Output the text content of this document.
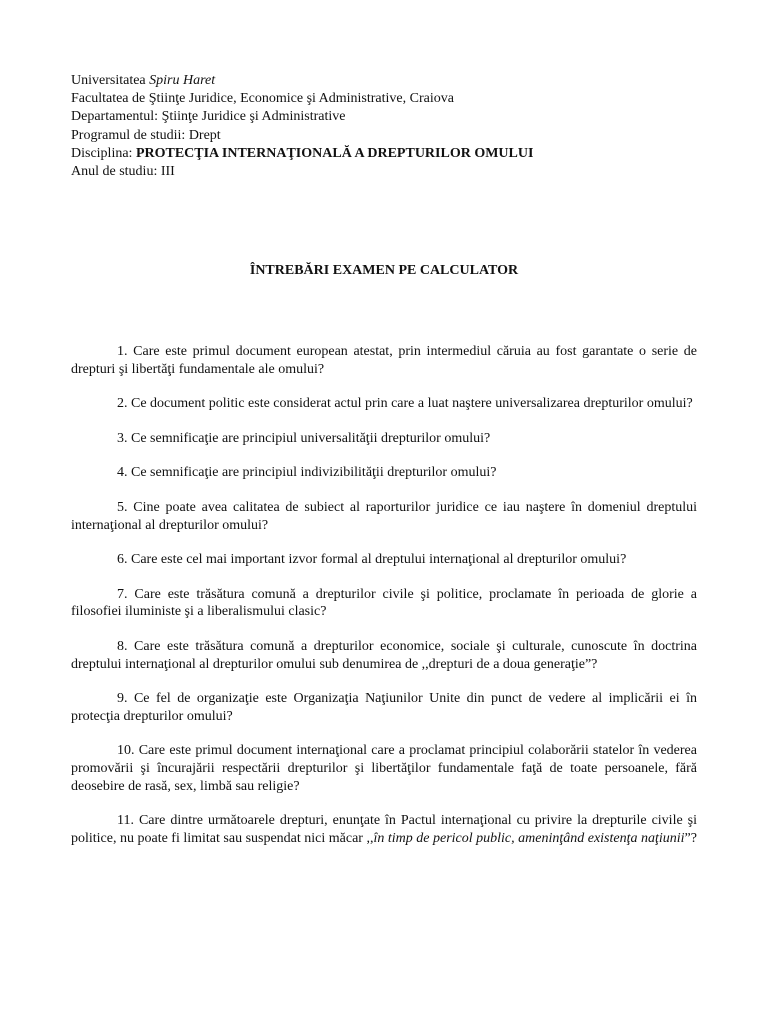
Universitatea Spiru Haret
Facultatea de Ştiinţe Juridice, Economice şi Administrative, Craiova
Departamentul: Ştiinţe Juridice şi Administrative
Programul de studii: Drept
Disciplina: PROTECŢIA INTERNAŢIONALĂ A DREPTURILOR OMULUI
Anul de studiu: III
ÎNTREBĂRI EXAMEN PE CALCULATOR

1. Care este primul document european atestat, prin intermediul căruia au fost garantate o serie de drepturi şi libertăţi fundamentale ale omului?

2. Ce document politic este considerat actul prin care a luat naştere universalizarea drepturilor omului?

3. Ce semnificaţie are principiul universalităţii drepturilor omului?

4. Ce semnificaţie are principiul indivizibilităţii drepturilor omului?

5. Cine poate avea calitatea de subiect al raporturilor juridice ce iau naştere în domeniul dreptului internaţional al drepturilor omului?

6. Care este cel mai important izvor formal al dreptului internaţional al drepturilor omului?

7. Care este trăsătura comună a drepturilor civile şi politice, proclamate în perioada de glorie a filosofiei iluministe şi a liberalismului clasic?

8. Care este trăsătura comună a drepturilor economice, sociale şi culturale, cunoscute în doctrina dreptului internaţional al drepturilor omului sub denumirea de ,,drepturi de a doua generaţie”?

9. Ce fel de organizaţie este Organizaţia Naţiunilor Unite din punct de vedere al implicării ei în protecţia drepturilor omului?

10. Care este primul document internaţional care a proclamat principiul colaborării statelor în vederea promovării şi încurajării respectării drepturilor şi libertăţilor fundamentale faţă de toate persoanele, fără deosebire de rasă, sex, limbă sau religie?

11. Care dintre următoarele drepturi, enunţate în Pactul internaţional cu privire la drepturile civile şi politice, nu poate fi limitat sau suspendat nici măcar ,,în timp de pericol public, ameninţând existenţa naţiunii”?
